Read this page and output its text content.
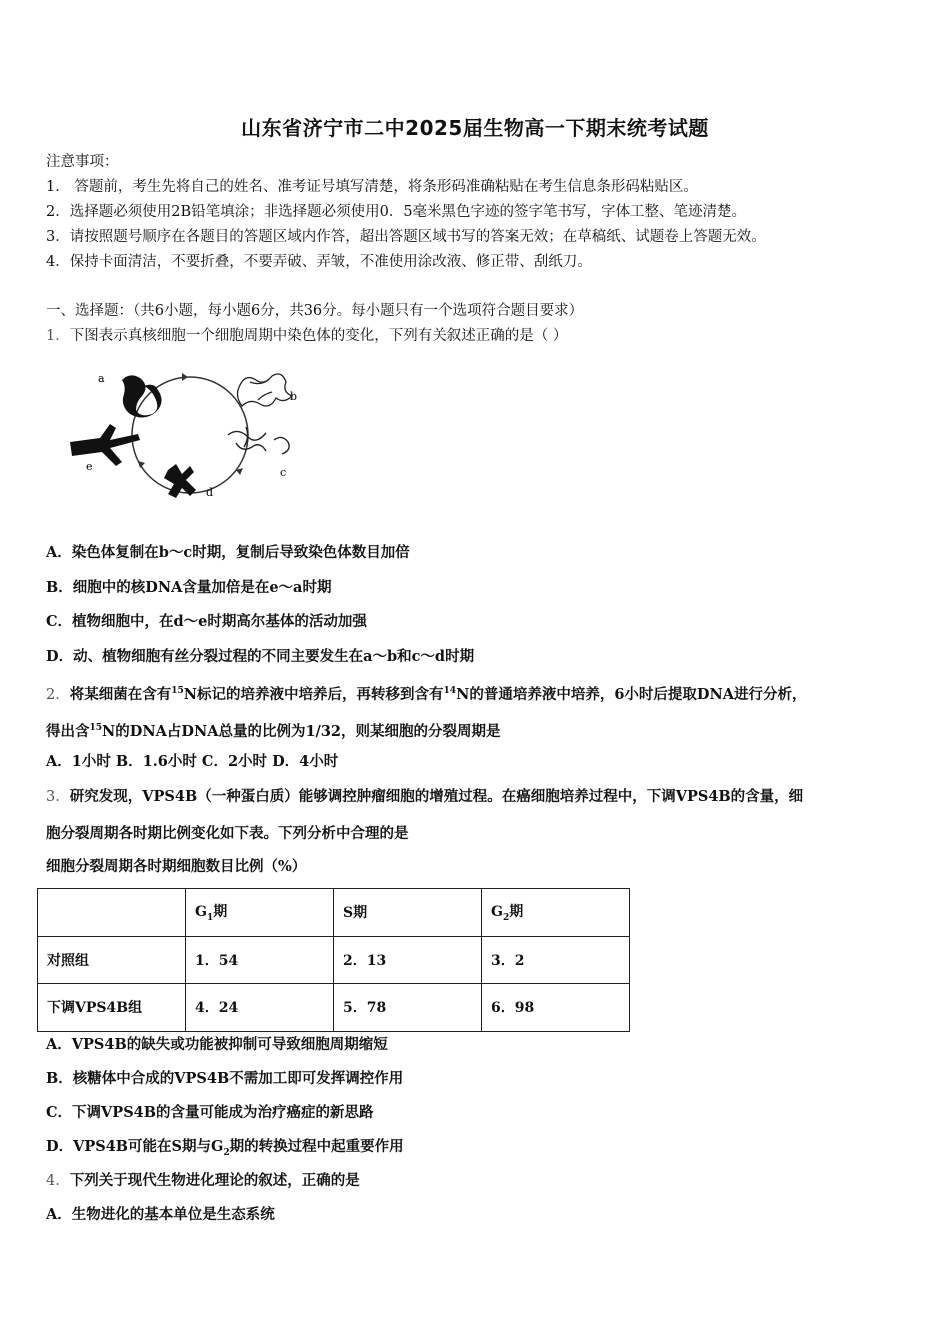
山东省济宁市二中2025届生物高一下期末统考试题
注意事项：
1． 答题前，考生先将自己的姓名、准考证号填写清楚，将条形码准确粘贴在考生信息条形码粘贴区。
2．选择题必须使用2B铅笔填涂；非选择题必须使用0．5毫米黑色字迹的签字笔书写，字体工整、笔迹清楚。
3．请按照题号顺序在各题目的答题区域内作答，超出答题区域书写的答案无效；在草稿纸、试题卷上答题无效。
4．保持卡面清洁，不要折叠，不要弄破、弄皱，不准使用涂改液、修正带、刮纸刀。
一、选择题：（共6小题，每小题6分，共36分。每小题只有一个选项符合题目要求）
1．下图表示真核细胞一个细胞周期中染色体的变化，下列有关叙述正确的是（ ）
a
b
c
d
e
A．染色体复制在b～c时期，复制后导致染色体数目加倍
B．细胞中的核DNA含量加倍是在e～a时期
C．植物细胞中，在d～e时期高尔基体的活动加强
D．动、植物细胞有丝分裂过程的不同主要发生在a～b和c～d时期
2．将某细菌在含有$^{15}$N标记的培养液中培养后，再转移到含有$^{14}$N的普通培养液中培养，6小时后提取DNA进行分析，
得出含$^{15}$N的DNA占DNA总量的比例为1/32，则某细胞的分裂周期是
A．1小时 B．1.6小时 C．2小时 D．4小时
3．研究发现，VPS4B（一种蛋白质）能够调控肿瘤细胞的增殖过程。在癌细胞培养过程中，下调VPS4B的含量，细
胞分裂周期各时期比例变化如下表。下列分析中合理的是
细胞分裂周期各时期细胞数目比例（%）
	$G_1$期	S期	$G_2$期
对照组	1．54	2．13	3．2
下调VPS4B组	4．24	5．78	6．98
A．VPS4B的缺失或功能被抑制可导致细胞周期缩短
B．核糖体中合成的VPS4B不需加工即可发挥调控作用
C．下调VPS4B的含量可能成为治疗癌症的新思路
D．VPS4B可能在S期与$G_2$期的转换过程中起重要作用
4．下列关于现代生物进化理论的叙述，正确的是
A．生物进化的基本单位是生态系统
